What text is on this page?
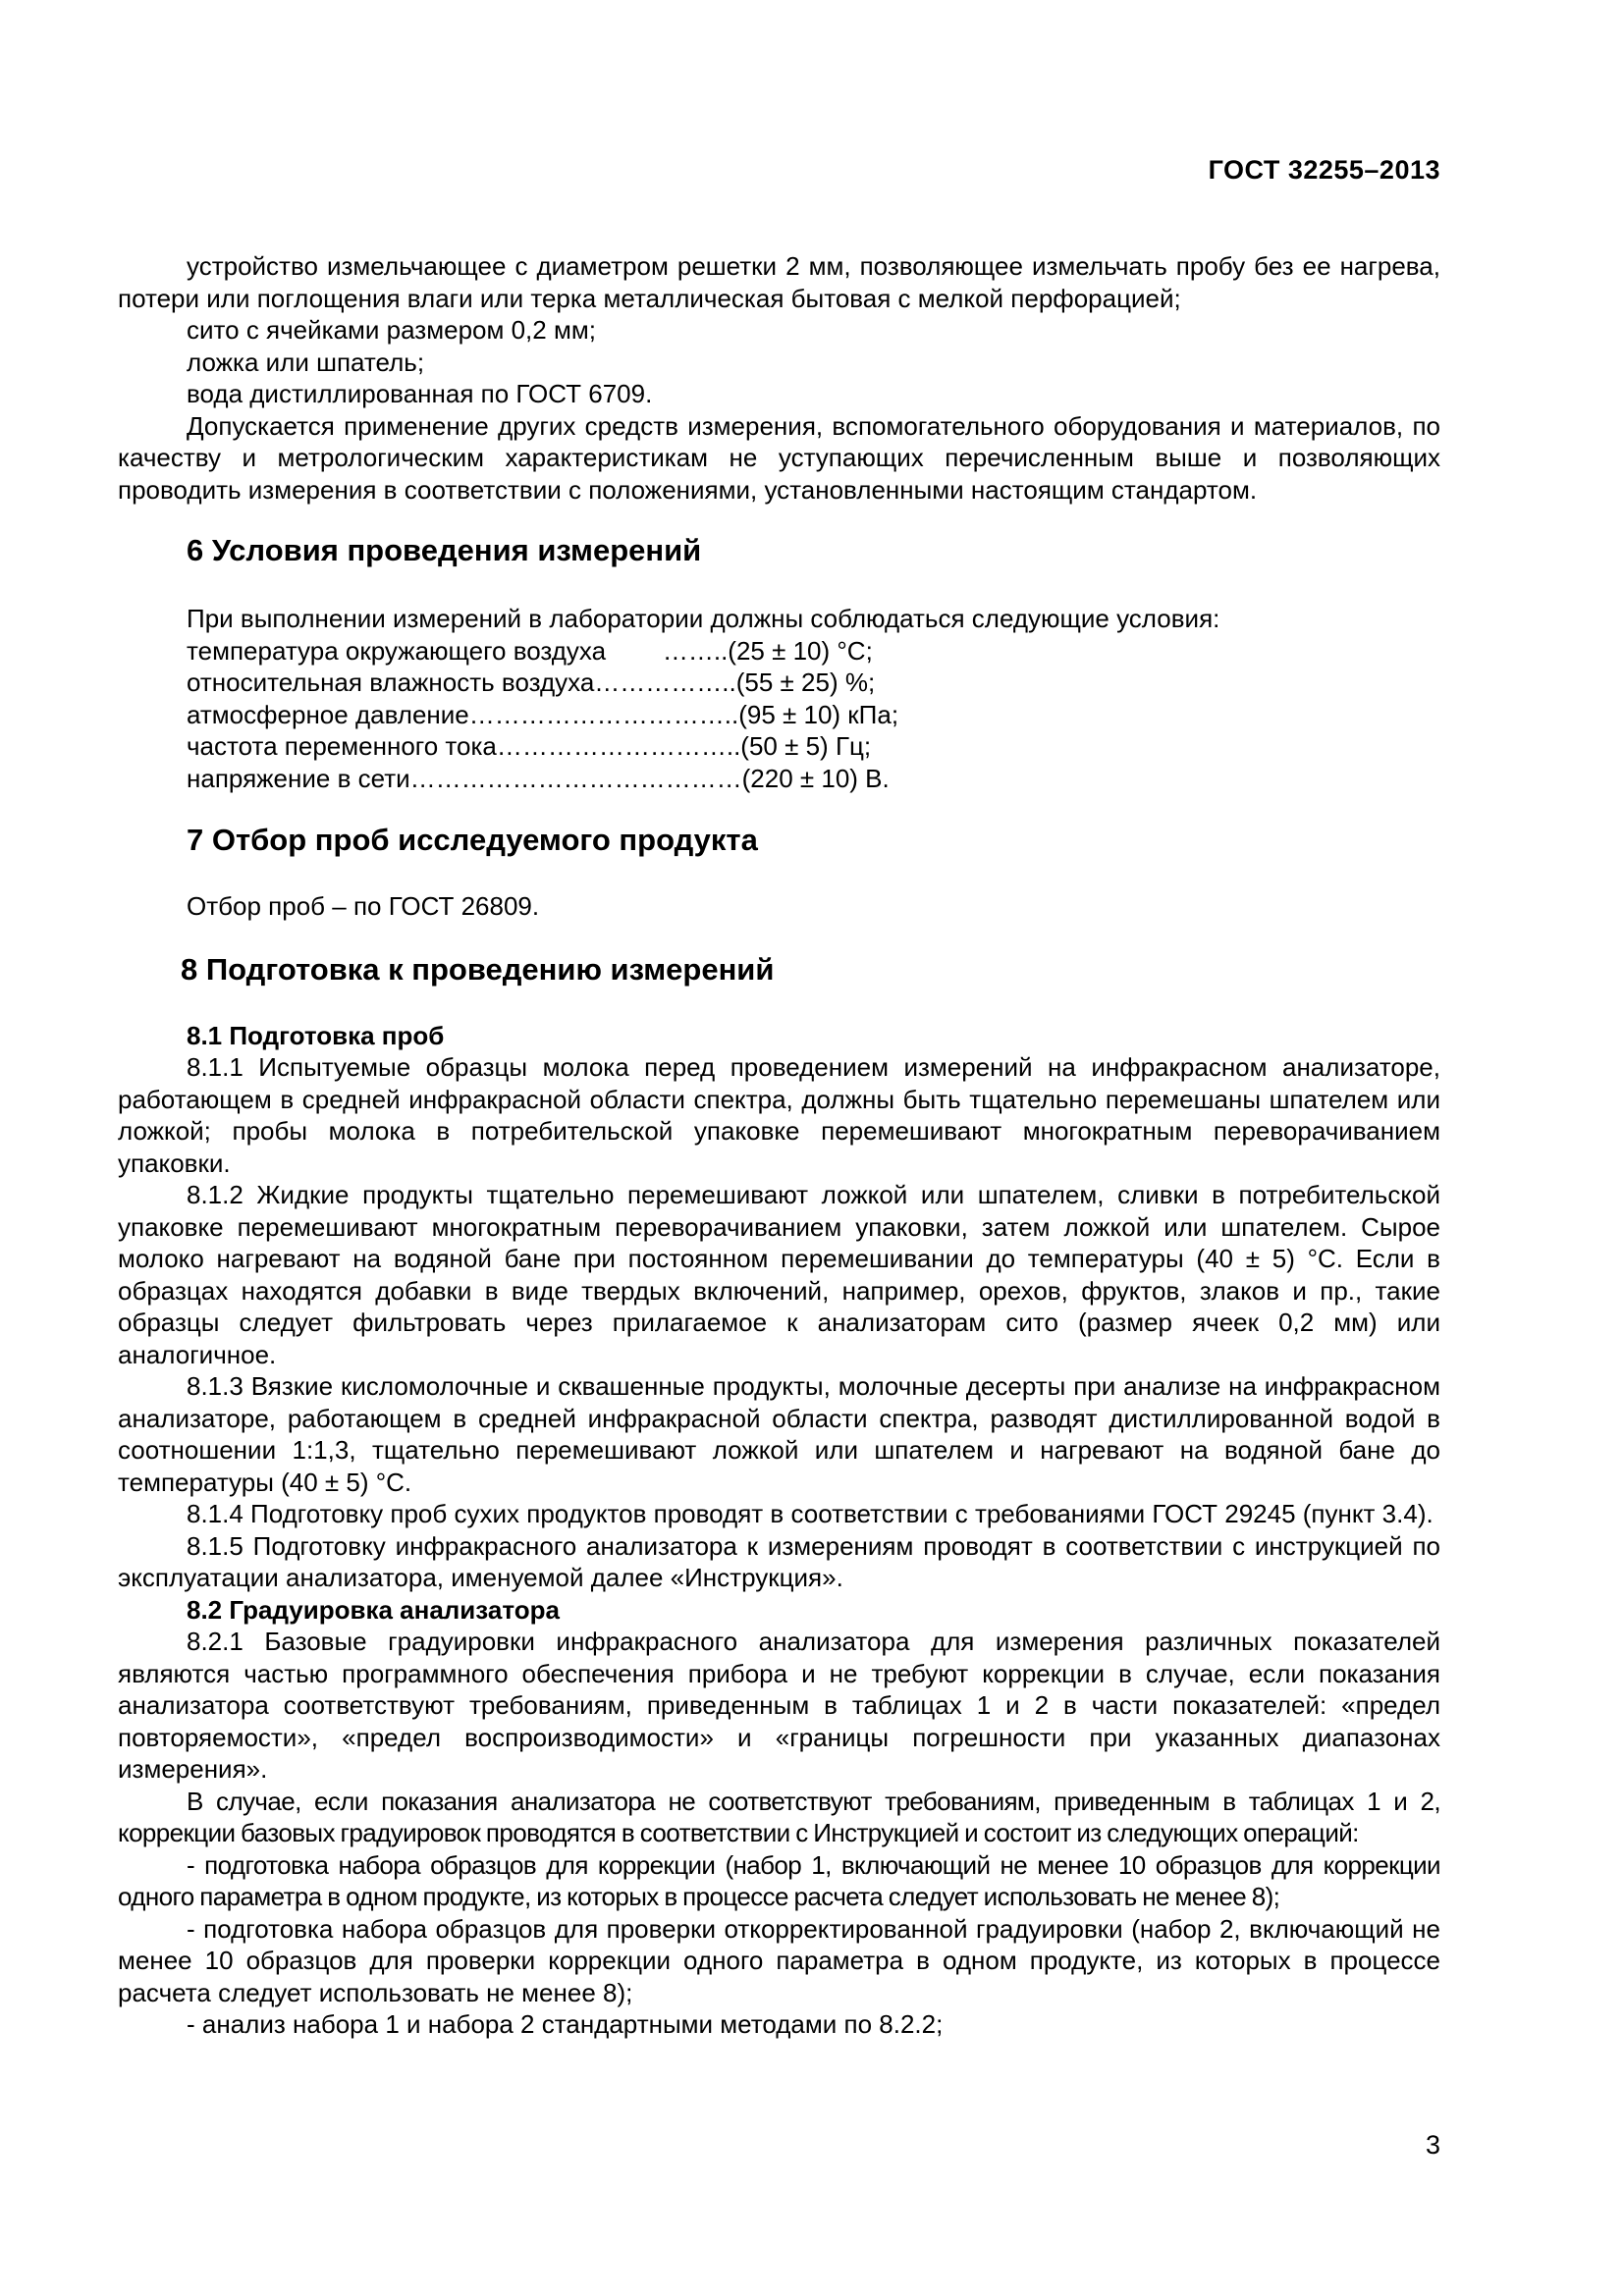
ГОСТ 32255–2013

устройство измельчающее с диаметром решетки 2 мм, позволяющее измельчать пробу без ее нагрева, потери или поглощения влаги или терка металлическая бытовая с мелкой перфорацией;

сито с ячейками размером 0,2 мм;

ложка или шпатель;

вода дистиллированная по ГОСТ 6709.

Допускается применение других средств измерения, вспомогательного оборудования и материалов, по качеству и метрологическим характеристикам не уступающих перечисленным выше и позволяющих проводить измерения в соответствии с положениями, установленными настоящим стандартом.

6 Условия проведения измерений

При выполнении измерений в лаборатории должны соблюдаться следующие условия:

температура окружающего воздуха        ……..(25 ± 10) °С;

относительная влажность воздуха……………..(55 ± 25) %;

атмосферное давление…………………………..(95 ± 10) кПа;

частота переменного тока………………………..(50 ± 5) Гц;

напряжение в сети…………………………………(220 ± 10) В.

7 Отбор проб исследуемого продукта

Отбор проб – по ГОСТ 26809.

8 Подготовка к проведению измерений

8.1 Подготовка проб

8.1.1 Испытуемые образцы молока перед проведением измерений на инфракрасном анализаторе, работающем в средней инфракрасной области спектра, должны быть тщательно перемешаны шпателем или ложкой; пробы молока в потребительской упаковке перемешивают многократным переворачиванием упаковки.

8.1.2 Жидкие продукты тщательно перемешивают ложкой или шпателем, сливки в потребительской упаковке перемешивают многократным переворачиванием упаковки, затем ложкой или шпателем. Сырое молоко нагревают на водяной бане при постоянном перемешивании до температуры (40 ± 5) °С. Если в образцах находятся добавки в виде твердых включений, например, орехов, фруктов, злаков и пр., такие образцы следует фильтровать через прилагаемое к анализаторам сито (размер ячеек 0,2 мм) или аналогичное.

8.1.3 Вязкие кисломолочные и сквашенные продукты, молочные десерты при анализе на инфракрасном анализаторе, работающем в средней инфракрасной области спектра, разводят дистиллированной водой в соотношении 1:1,3, тщательно перемешивают ложкой или шпателем и нагревают на водяной бане до температуры (40 ± 5) °С.

8.1.4 Подготовку проб сухих продуктов проводят в соответствии с требованиями ГОСТ 29245 (пункт 3.4).

8.1.5 Подготовку инфракрасного анализатора к измерениям проводят в соответствии с инструкцией по эксплуатации анализатора, именуемой далее «Инструкция».

8.2 Градуировка анализатора

8.2.1 Базовые градуировки инфракрасного анализатора для измерения различных показателей являются частью программного обеспечения прибора и не требуют коррекции в случае, если показания анализатора соответствуют требованиям, приведенным в таблицах 1 и 2 в части показателей: «предел повторяемости», «предел воспроизводимости» и «границы погрешности при указанных диапазонах измерения».

В случае, если показания анализатора не соответствуют требованиям, приведенным в таблицах 1 и 2, коррекции базовых градуировок проводятся в соответствии с Инструкцией и состоит из следующих операций:

- подготовка набора образцов для коррекции (набор 1, включающий не менее 10 образцов для коррекции одного параметра в одном продукте, из которых в процессе расчета следует использовать не менее 8);

- подготовка набора образцов для проверки откорректированной градуировки (набор 2, включающий не менее 10 образцов для проверки коррекции одного параметра в одном продукте, из которых в процессе расчета следует использовать не менее 8);

- анализ набора 1 и набора 2 стандартными методами по 8.2.2;

3
